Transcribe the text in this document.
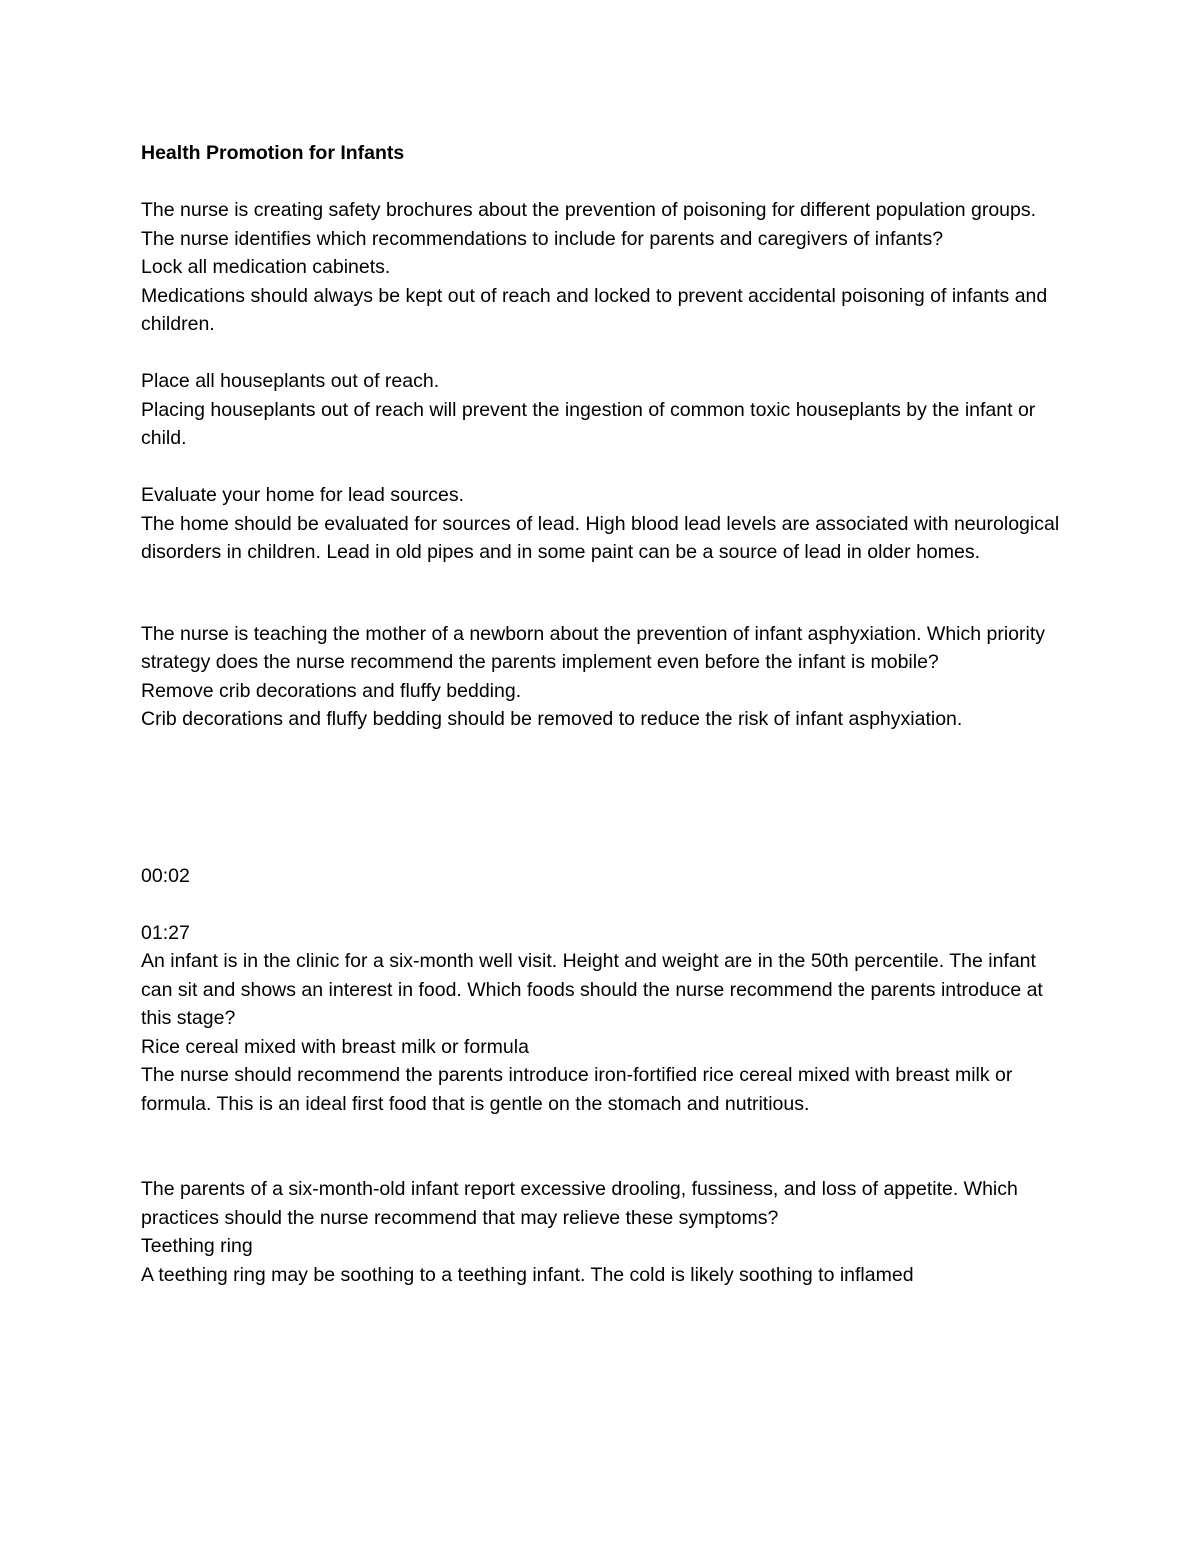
Health Promotion for Infants

The nurse is creating safety brochures about the prevention of poisoning for different population groups. The nurse identifies which recommendations to include for parents and caregivers of infants?

Lock all medication cabinets.

Medications should always be kept out of reach and locked to prevent accidental poisoning of infants and children.

Place all houseplants out of reach.

Placing houseplants out of reach will prevent the ingestion of common toxic houseplants by the infant or child.

Evaluate your home for lead sources.

The home should be evaluated for sources of lead. High blood lead levels are associated with neurological disorders in children. Lead in old pipes and in some paint can be a source of lead in older homes.

The nurse is teaching the mother of a newborn about the prevention of infant asphyxiation. Which priority strategy does the nurse recommend the parents implement even before the infant is mobile?

Remove crib decorations and fluffy bedding.

Crib decorations and fluffy bedding should be removed to reduce the risk of infant asphyxiation.

00:02

01:27

An infant is in the clinic for a six-month well visit. Height and weight are in the 50th percentile. The infant can sit and shows an interest in food. Which foods should the nurse recommend the parents introduce at this stage?

Rice cereal mixed with breast milk or formula

The nurse should recommend the parents introduce iron-fortified rice cereal mixed with breast milk or formula. This is an ideal first food that is gentle on the stomach and nutritious.

The parents of a six-month-old infant report excessive drooling, fussiness, and loss of appetite. Which practices should the nurse recommend that may relieve these symptoms?

Teething ring

A teething ring may be soothing to a teething infant. The cold is likely soothing to inflamed
